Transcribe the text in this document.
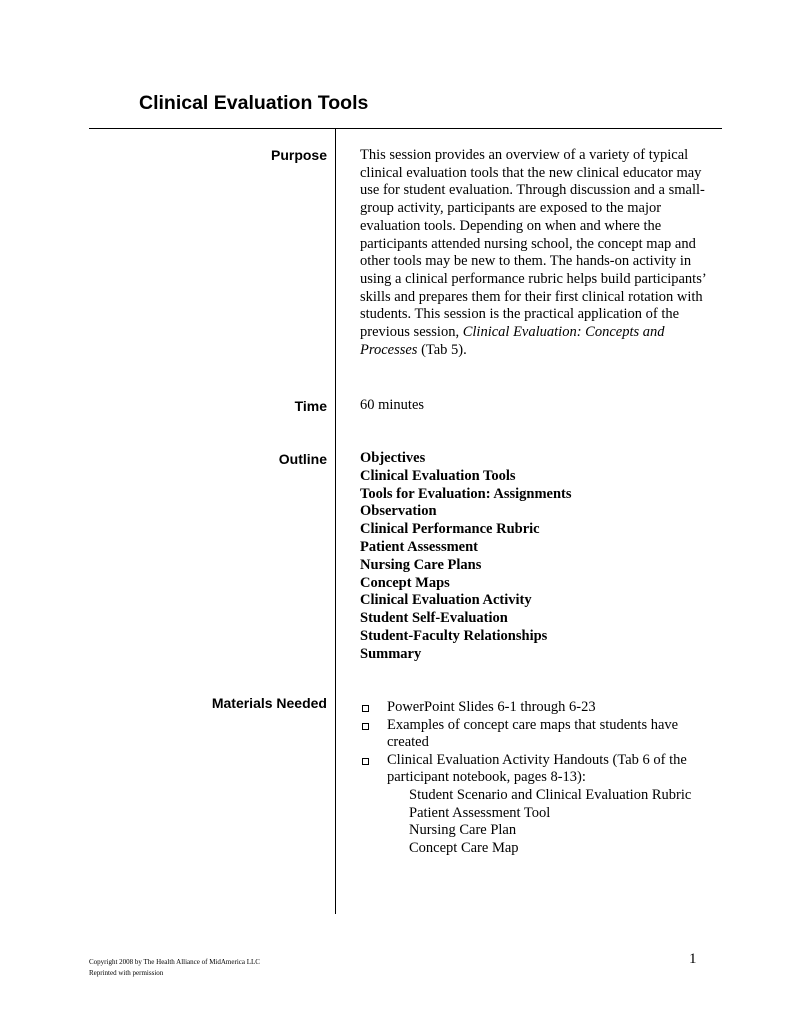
Clinical Evaluation Tools
Purpose This session provides an overview of a variety of typical clinical evaluation tools that the new clinical educator may use for student evaluation. Through discussion and a small-group activity, participants are exposed to the major evaluation tools. Depending on when and where the participants attended nursing school, the concept map and other tools may be new to them. The hands-on activity in using a clinical performance rubric helps build participants’ skills and prepares them for their first clinical rotation with students. This session is the practical application of the previous session, Clinical Evaluation: Concepts and Processes (Tab 5).

Time 60 minutes

Outline Objectives
Clinical Evaluation Tools
Tools for Evaluation: Assignments
Observation
Clinical Performance Rubric
Patient Assessment
Nursing Care Plans
Concept Maps
Clinical Evaluation Activity
Student Self-Evaluation
Student-Faculty Relationships
Summary
Materials Needed	PowerPoint Slides 6-1 through 6-23
Examples of concept care maps that students have created
Clinical Evaluation Activity Handouts (Tab 6 of the participant notebook, pages 8-13):
Student Scenario and Clinical Evaluation Rubric
Patient Assessment Tool
Nursing Care Plan
Concept Care Map
Copyright 2008 by The Health Alliance of MidAmerica LLC
Reprinted with permission
1
